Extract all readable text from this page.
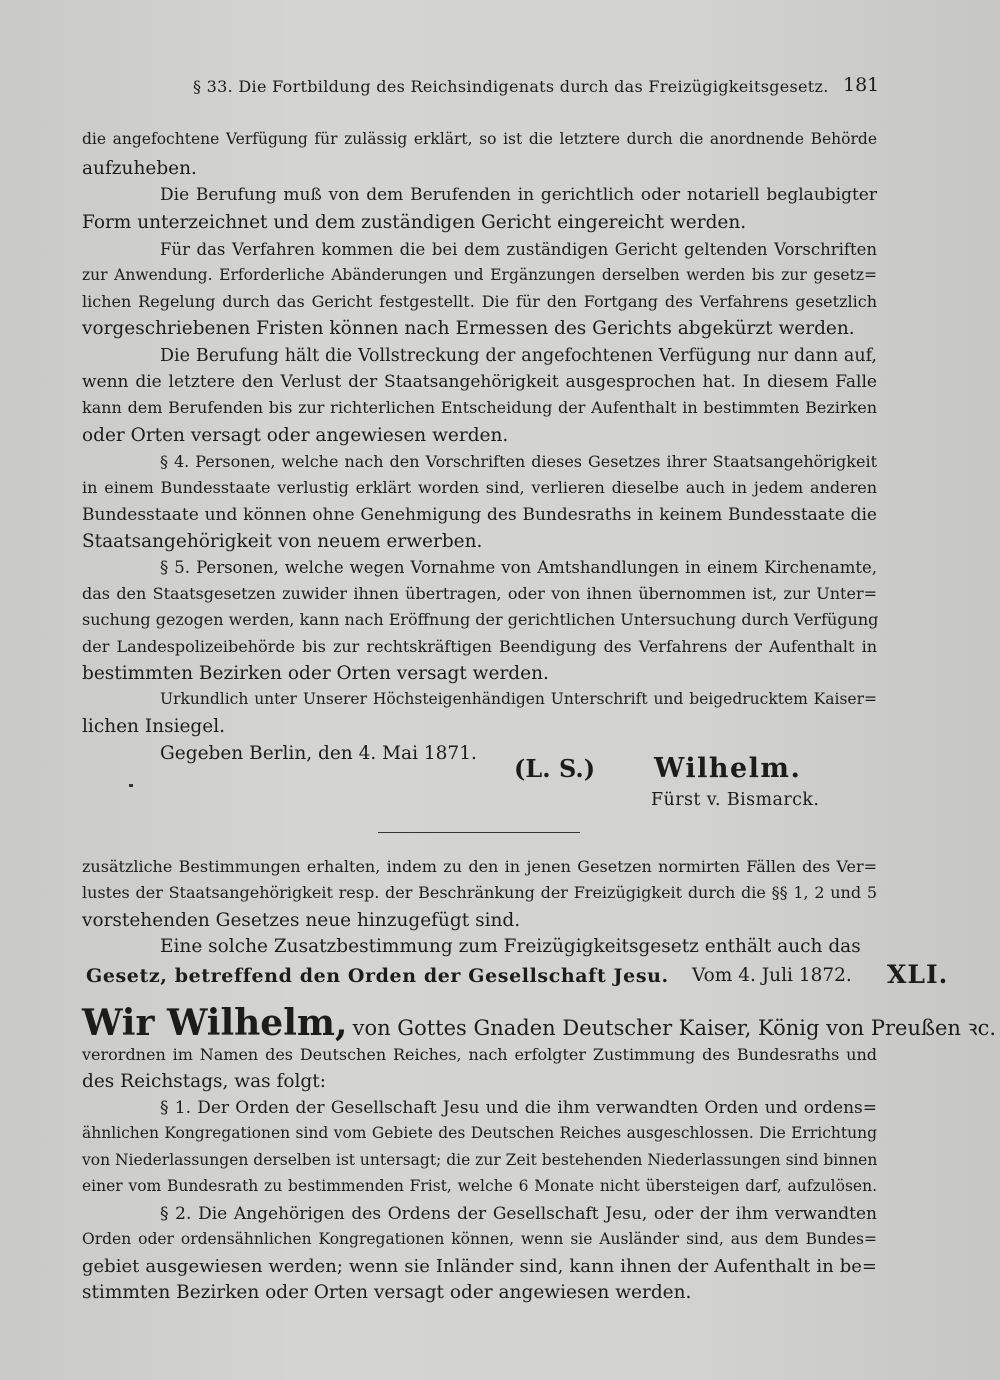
§ 33. Die Fortbildung des Reichsindigenats durch das Freizügigkeitsgesetz. 181
die angefochtene Verfügung für zulässig erklärt, so ist die letztere durch die anordnende Behörde
aufzuheben.
Die Berufung muß von dem Berufenden in gerichtlich oder notariell beglaubigter
Form unterzeichnet und dem zuständigen Gericht eingereicht werden.
Für das Verfahren kommen die bei dem zuständigen Gericht geltenden Vorschriften
zur Anwendung. Erforderliche Abänderungen und Ergänzungen derselben werden bis zur gesetz=
lichen Regelung durch das Gericht festgestellt. Die für den Fortgang des Verfahrens gesetzlich
vorgeschriebenen Fristen können nach Ermessen des Gerichts abgekürzt werden.
Die Berufung hält die Vollstreckung der angefochtenen Verfügung nur dann auf,
wenn die letztere den Verlust der Staatsangehörigkeit ausgesprochen hat. In diesem Falle
kann dem Berufenden bis zur richterlichen Entscheidung der Aufenthalt in bestimmten Bezirken
oder Orten versagt oder angewiesen werden.
§ 4. Personen, welche nach den Vorschriften dieses Gesetzes ihrer Staatsangehörigkeit
in einem Bundesstaate verlustig erklärt worden sind, verlieren dieselbe auch in jedem anderen
Bundesstaate und können ohne Genehmigung des Bundesraths in keinem Bundesstaate die
Staatsangehörigkeit von neuem erwerben.
§ 5. Personen, welche wegen Vornahme von Amtshandlungen in einem Kirchenamte,
das den Staatsgesetzen zuwider ihnen übertragen, oder von ihnen übernommen ist, zur Unter=
suchung gezogen werden, kann nach Eröffnung der gerichtlichen Untersuchung durch Verfügung
der Landespolizeibehörde bis zur rechtskräftigen Beendigung des Verfahrens der Aufenthalt in
bestimmten Bezirken oder Orten versagt werden.
Urkundlich unter Unserer Höchsteigenhändigen Unterschrift und beigedrucktem Kaiser=
lichen Insiegel.
Gegeben Berlin, den 4. Mai 1871.
(L. S.) Wilhelm.
Fürst v. Bismarck.
zusätzliche Bestimmungen erhalten, indem zu den in jenen Gesetzen normirten Fällen des Ver=
lustes der Staatsangehörigkeit resp. der Beschränkung der Freizügigkeit durch die §§ 1, 2 und 5
vorstehenden Gesetzes neue hinzugefügt sind.
Eine solche Zusatzbestimmung zum Freizügigkeitsgesetz enthält auch das
Gesetz, betreffend den Orden der Gesellschaft Jesu. Vom 4. Juli 1872. XLI.
Wir Wilhelm, von Gottes Gnaden Deutscher Kaiser, König von Preußen ꝛc.
verordnen im Namen des Deutschen Reiches, nach erfolgter Zustimmung des Bundesraths und
des Reichstags, was folgt:
§ 1. Der Orden der Gesellschaft Jesu und die ihm verwandten Orden und ordens=
ähnlichen Kongregationen sind vom Gebiete des Deutschen Reiches ausgeschlossen. Die Errichtung
von Niederlassungen derselben ist untersagt; die zur Zeit bestehenden Niederlassungen sind binnen
einer vom Bundesrath zu bestimmenden Frist, welche 6 Monate nicht übersteigen darf, aufzulösen.
§ 2. Die Angehörigen des Ordens der Gesellschaft Jesu, oder der ihm verwandten
Orden oder ordensähnlichen Kongregationen können, wenn sie Ausländer sind, aus dem Bundes=
gebiet ausgewiesen werden; wenn sie Inländer sind, kann ihnen der Aufenthalt in be=
stimmten Bezirken oder Orten versagt oder angewiesen werden.
